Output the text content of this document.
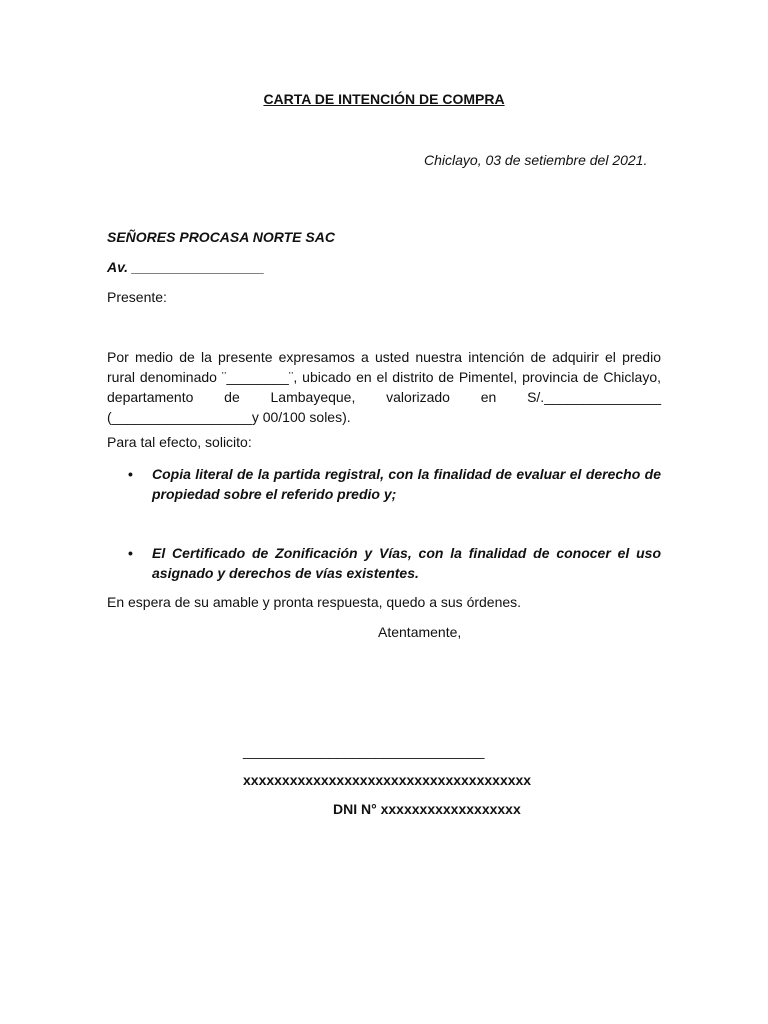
CARTA DE INTENCIÓN DE COMPRA
Chiclayo, 03 de setiembre del 2021.
SEÑORES PROCASA NORTE SAC
Av. _________________
Presente:

Por medio de la presente expresamos a usted nuestra intención de adquirir el predio rural denominado ¨________¨, ubicado en el distrito de Pimentel, provincia de Chiclayo, departamento de Lambayeque, valorizado en S/._______________ (__________________y 00/100 soles).

Para tal efecto, solicito:
•	Copia literal de la partida registral, con la finalidad de evaluar el derecho de propiedad sobre el referido predio y;
•	El Certificado de Zonificación y Vías, con la finalidad de conocer el uso asignado y derechos de vías existentes.
En espera de su amable y pronta respuesta, quedo a sus órdenes.
Atentamente,
_______________________________
xxxxxxxxxxxxxxxxxxxxxxxxxxxxxxxxxxxxx
DNI N° xxxxxxxxxxxxxxxxxx
